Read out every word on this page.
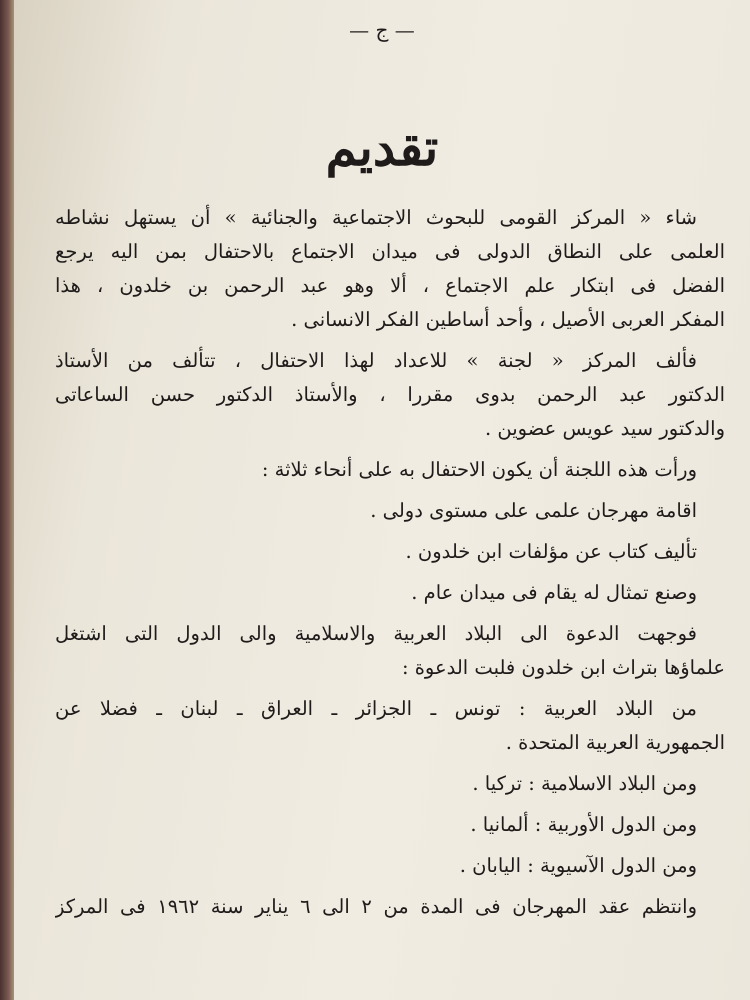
— ج —
تقديم
شاء « المركز القومى للبحوث الاجتماعية والجنائية » أن يستهل نشاطه
العلمى على النطاق الدولى فى ميدان الاجتماع بالاحتفال بمن اليه يرجع
الفضل فى ابتكار علم الاجتماع ، ألا وهو عبد الرحمن بن خلدون ، هذا
المفكر العربى الأصيل ، وأحد أساطين الفكر الانسانى .
فألف المركز « لجنة » للاعداد لهذا الاحتفال ، تتألف من الأستاذ
الدكتور عبد الرحمن بدوى مقررا ، والأستاذ الدكتور حسن الساعاتى
والدكتور سيد عويس عضوين .
ورأت هذه اللجنة أن يكون الاحتفال به على أنحاء ثلاثة :
اقامة مهرجان علمى على مستوى دولى .
تأليف كتاب عن مؤلفات ابن خلدون .
وصنع تمثال له يقام فى ميدان عام .
فوجهت الدعوة الى البلاد العربية والاسلامية والى الدول التى اشتغل
علماؤها بتراث ابن خلدون فلبت الدعوة :
من البلاد العربية : تونس ـ الجزائر ـ العراق ـ لبنان ـ فضلا عن
الجمهورية العربية المتحدة .
ومن البلاد الاسلامية : تركيا .
ومن الدول الأوربية : ألمانيا .
ومن الدول الآسيوية : اليابان .
وانتظم عقد المهرجان فى المدة من ٢ الى ٦ يناير سنة ١٩٦٢ فى المركز
